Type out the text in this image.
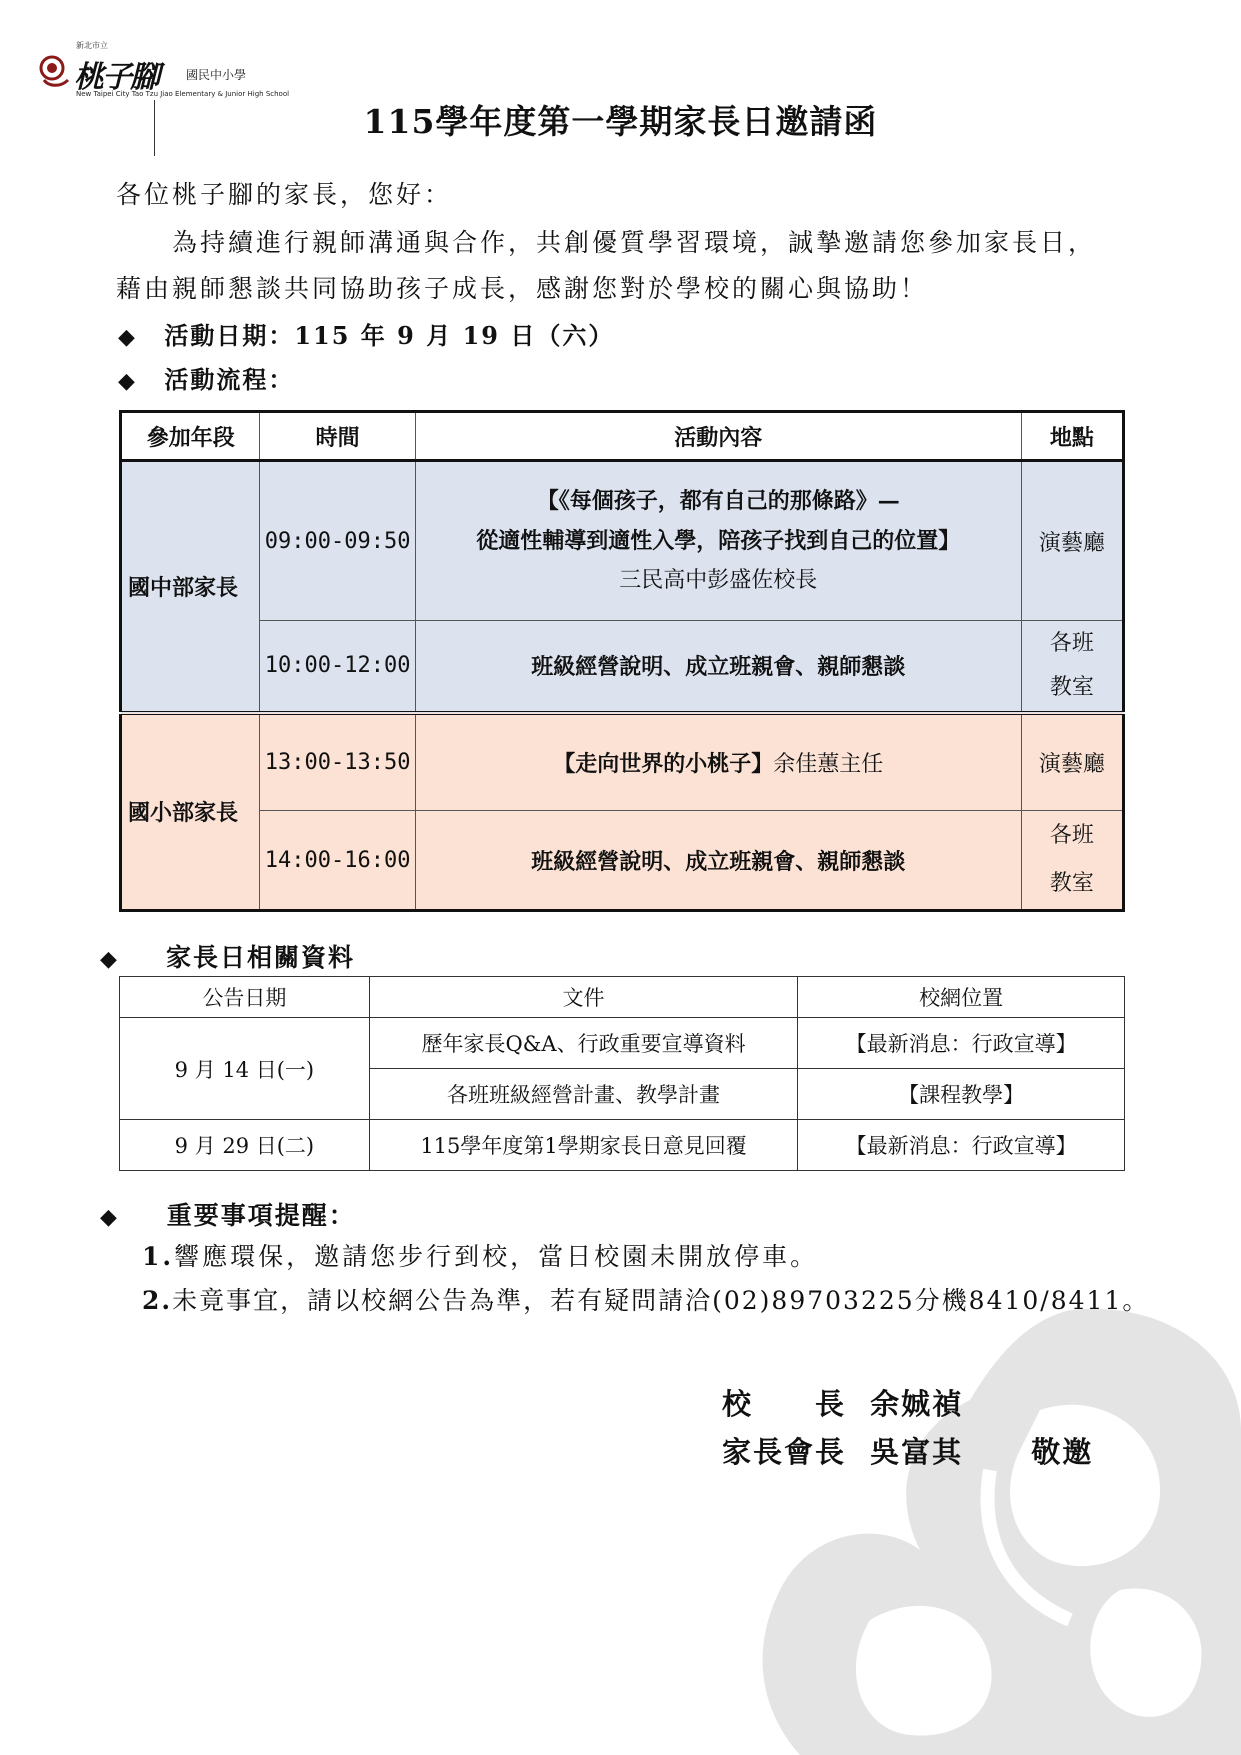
新北市立
桃子腳 國民中小學
New Taipei City Tao Tzu Jiao Elementary & Junior High School
115學年度第一學期家長日邀請函
各位桃子腳的家長，您好：
為持續進行親師溝通與合作，共創優質學習環境，誠摯邀請您參加家長日，
藉由親師懇談共同協助孩子成長，感謝您對於學校的關心與協助！
◆ 活動日期：115 年 9 月 19 日（六）
◆ 活動流程：
參加年段	時間	活動內容	地點
國中部家長	09:00-09:50	【《每個孩子，都有自己的那條路》—
從適性輔導到適性入學，陪孩子找到自己的位置】
三民高中彭盛佐校長	演藝廳
	10:00-12:00	班級經營說明、成立班親會、親師懇談	各班
教室

國小部家長	13:00-13:50	【走向世界的小桃子】余佳蕙主任	演藝廳
	14:00-16:00	班級經營說明、成立班親會、親師懇談	各班
教室
◆ 家長日相關資料
公告日期	文件	校網位置
9 月 14 日(一)	歷年家長Q&A、行政重要宣導資料	【最新消息：行政宣導】
	各班班級經營計畫、教學計畫	【課程教學】
9 月 29 日(二)	115學年度第1學期家長日意見回覆	【最新消息：行政宣導】
◆ 重要事項提醒：
1.響應環保，邀請您步行到校，當日校園未開放停車。
2.未竟事宜，請以校網公告為準，若有疑問請洽(02)89703225分機8410/8411。
校　　長 余娍禎
家長會長 吳富其 敬邀
